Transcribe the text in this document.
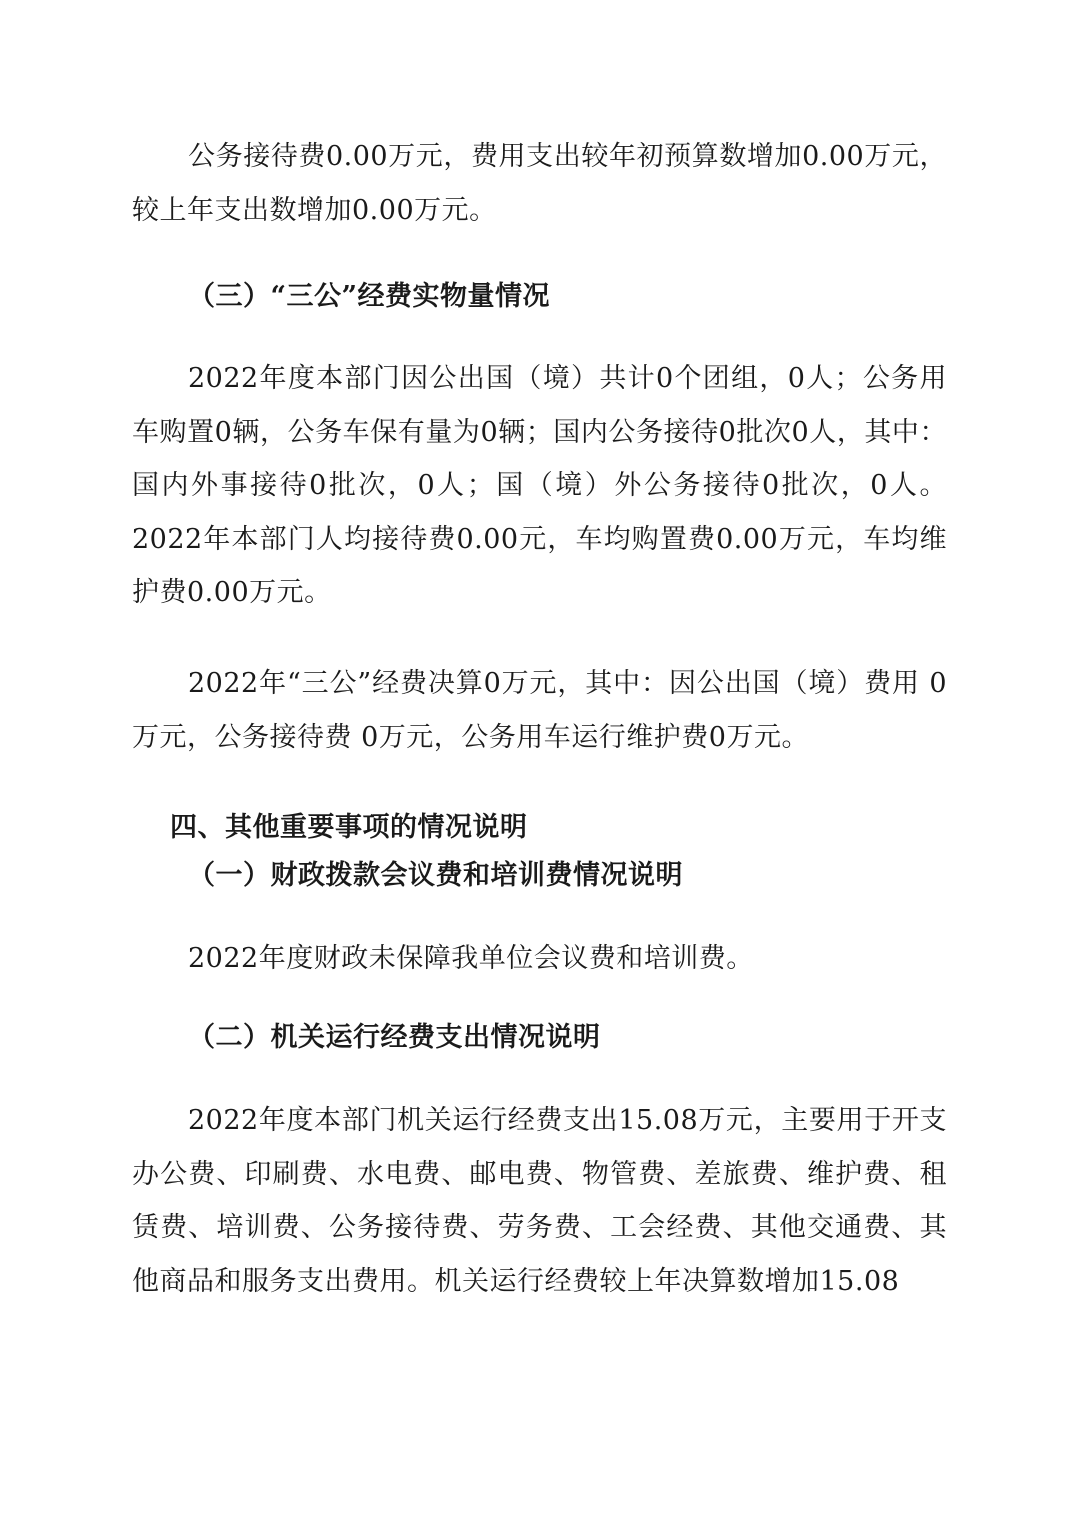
公务接待费0.00万元，费用支出较年初预算数增加0.00万元，较上年支出数增加0.00万元。

（三）“三公”经费实物量情况

2022年度本部门因公出国（境）共计0个团组，0人；公务用车购置0辆，公务车保有量为0辆；国内公务接待0批次0人，其中：国内外事接待0批次，0人；国（境）外公务接待0批次，0人。2022年本部门人均接待费0.00元，车均购置费0.00万元，车均维护费0.00万元。

2022年“三公”经费决算0万元，其中：因公出国（境）费用 0 万元，公务接待费 0万元，公务用车运行维护费0万元。

四、其他重要事项的情况说明
（一）财政拨款会议费和培训费情况说明

2022年度财政未保障我单位会议费和培训费。

（二）机关运行经费支出情况说明

2022年度本部门机关运行经费支出15.08万元，主要用于开支办公费、印刷费、水电费、邮电费、物管费、差旅费、维护费、租赁费、培训费、公务接待费、劳务费、工会经费、其他交通费、其他商品和服务支出费用。机关运行经费较上年决算数增加15.08
